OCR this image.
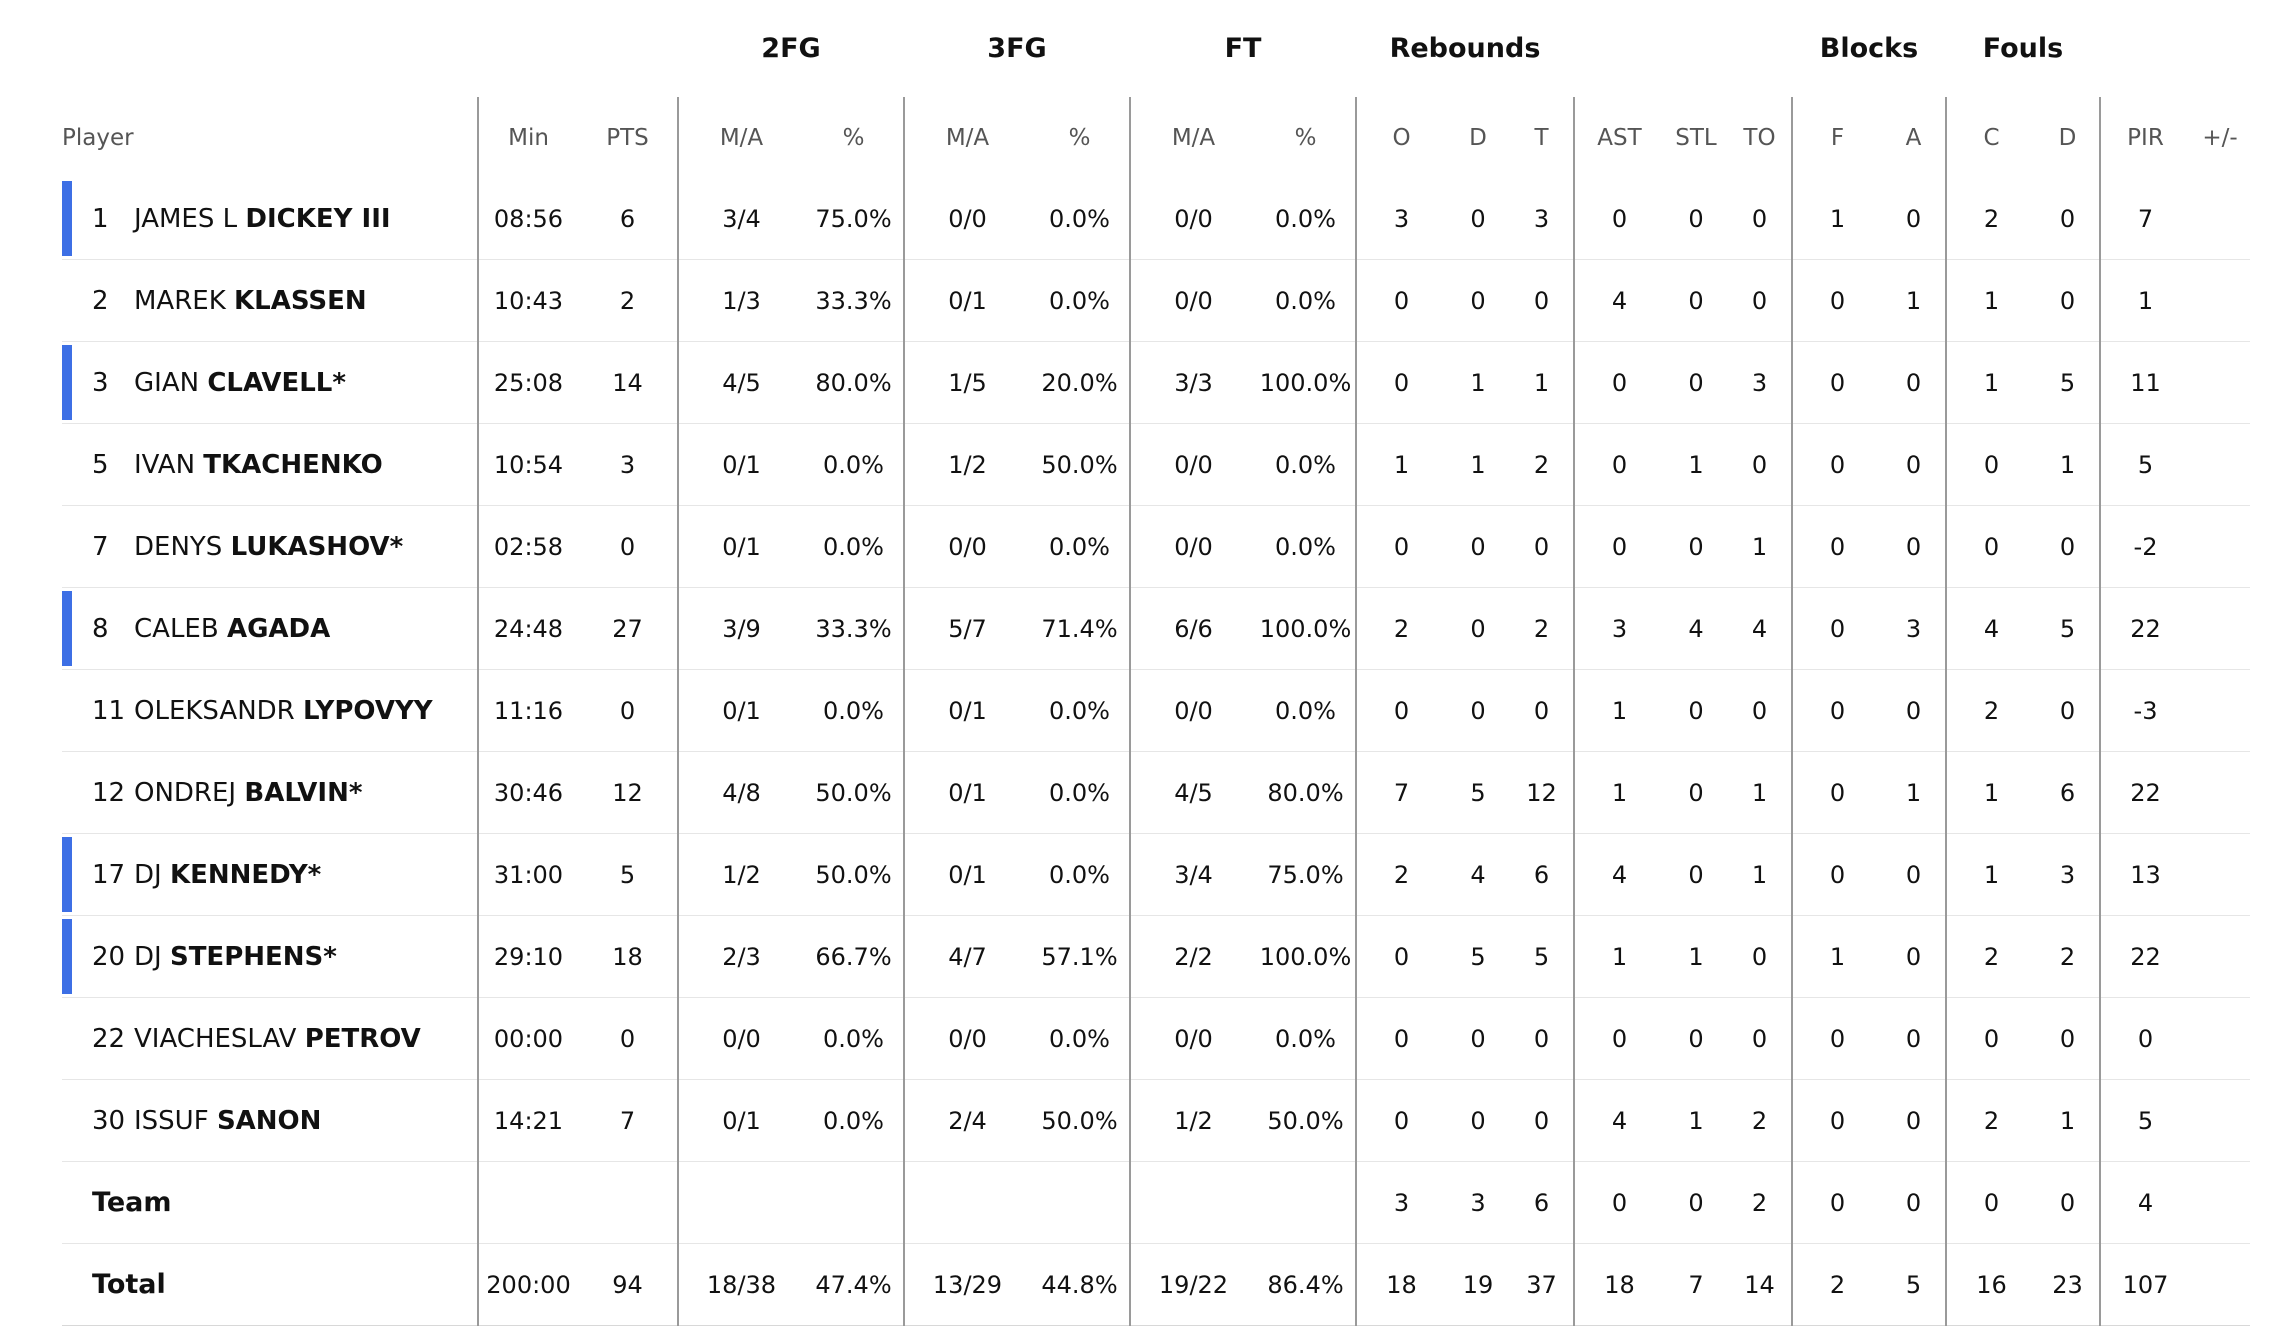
			2FG		3FG		FT		Rebounds						Blocks		Fouls			
Player	Min	PTS	M/A	%	M/A	%	M/A	%	O	D	T	AST	STL	TO	F	A	C	D	PIR	+/-

1 JAMES L DICKEY III	08:56	6	3/4	75.0%	0/0	0.0%	0/0	0.0%	3	0	3	0	0	0	1	0	2	0	7	
2 MAREK KLASSEN	10:43	2	1/3	33.3%	0/1	0.0%	0/0	0.0%	0	0	0	4	0	0	0	1	1	0	1	

3 GIAN CLAVELL*	25:08	14	4/5	80.0%	1/5	20.0%	3/3	100.0%	0	1	1	0	0	3	0	0	1	5	11	
5 IVAN TKACHENKO	10:54	3	0/1	0.0%	1/2	50.0%	0/0	0.0%	1	1	2	0	1	0	0	0	0	1	5	
7 DENYS LUKASHOV*	02:58	0	0/1	0.0%	0/0	0.0%	0/0	0.0%	0	0	0	0	0	1	0	0	0	0	-2	

8 CALEB AGADA	24:48	27	3/9	33.3%	5/7	71.4%	6/6	100.0%	2	0	2	3	4	4	0	3	4	5	22	
11 OLEKSANDR LYPOVYY	11:16	0	0/1	0.0%	0/1	0.0%	0/0	0.0%	0	0	0	1	0	0	0	0	2	0	-3	
12 ONDREJ BALVIN*	30:46	12	4/8	50.0%	0/1	0.0%	4/5	80.0%	7	5	12	1	0	1	0	1	1	6	22	

17 DJ KENNEDY*	31:00	5	1/2	50.0%	0/1	0.0%	3/4	75.0%	2	4	6	4	0	1	0	0	1	3	13	

20 DJ STEPHENS*	29:10	18	2/3	66.7%	4/7	57.1%	2/2	100.0%	0	5	5	1	1	0	1	0	2	2	22	
22 VIACHESLAV PETROV	00:00	0	0/0	0.0%	0/0	0.0%	0/0	0.0%	0	0	0	0	0	0	0	0	0	0	0	
30 ISSUF SANON	14:21	7	0/1	0.0%	2/4	50.0%	1/2	50.0%	0	0	0	4	1	2	0	0	2	1	5	
Team									3	3	6	0	0	2	0	0	0	0	4	
Total	200:00	94	18/38	47.4%	13/29	44.8%	19/22	86.4%	18	19	37	18	7	14	2	5	16	23	107	
